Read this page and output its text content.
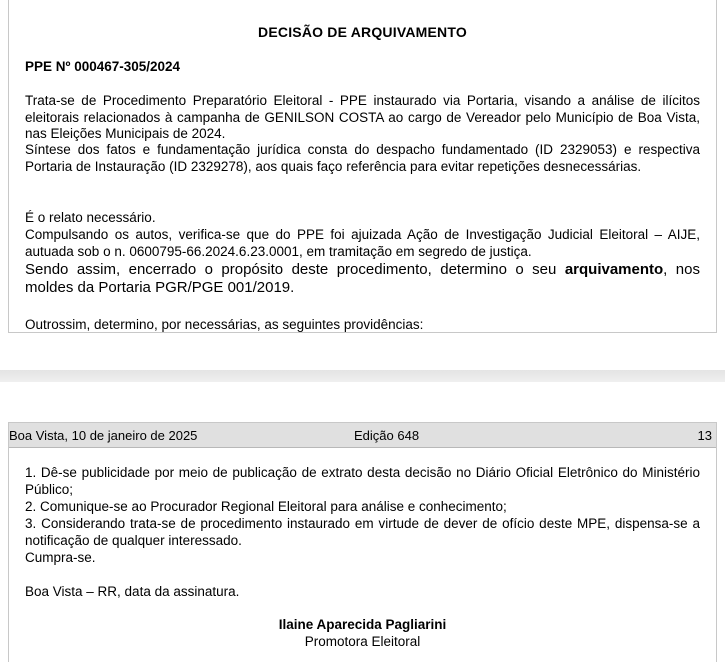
DECISÃO DE ARQUIVAMENTO
PPE Nº 000467-305/2024
Trata-se de Procedimento Preparatório Eleitoral - PPE instaurado via Portaria, visando a análise de ilícitos eleitorais relacionados à campanha de GENILSON COSTA ao cargo de Vereador pelo Município de Boa Vista, nas Eleições Municipais de 2024.
Síntese dos fatos e fundamentação jurídica consta do despacho fundamentado (ID 2329053) e respectiva Portaria de Instauração (ID 2329278), aos quais faço referência para evitar repetições desnecessárias.
É o relato necessário.
Compulsando os autos, verifica-se que do PPE foi ajuizada Ação de Investigação Judicial Eleitoral – AIJE, autuada sob o n. 0600795-66.2024.6.23.0001, em tramitação em segredo de justiça.
Sendo assim, encerrado o propósito deste procedimento, determino o seu arquivamento, nos moldes da Portaria PGR/PGE 001/2019.
Outrossim, determino, por necessárias, as seguintes providências:
Boa Vista, 10 de janeiro de 2025	Edição 648	13
1. Dê-se publicidade por meio de publicação de extrato desta decisão no Diário Oficial Eletrônico do Ministério Público;
2. Comunique-se ao Procurador Regional Eleitoral para análise e conhecimento;
3. Considerando trata-se de procedimento instaurado em virtude de dever de ofício deste MPE, dispensa-se a notificação de qualquer interessado.
Cumpra-se.
Boa Vista – RR, data da assinatura.
Ilaine Aparecida Pagliarini
Promotora Eleitoral
